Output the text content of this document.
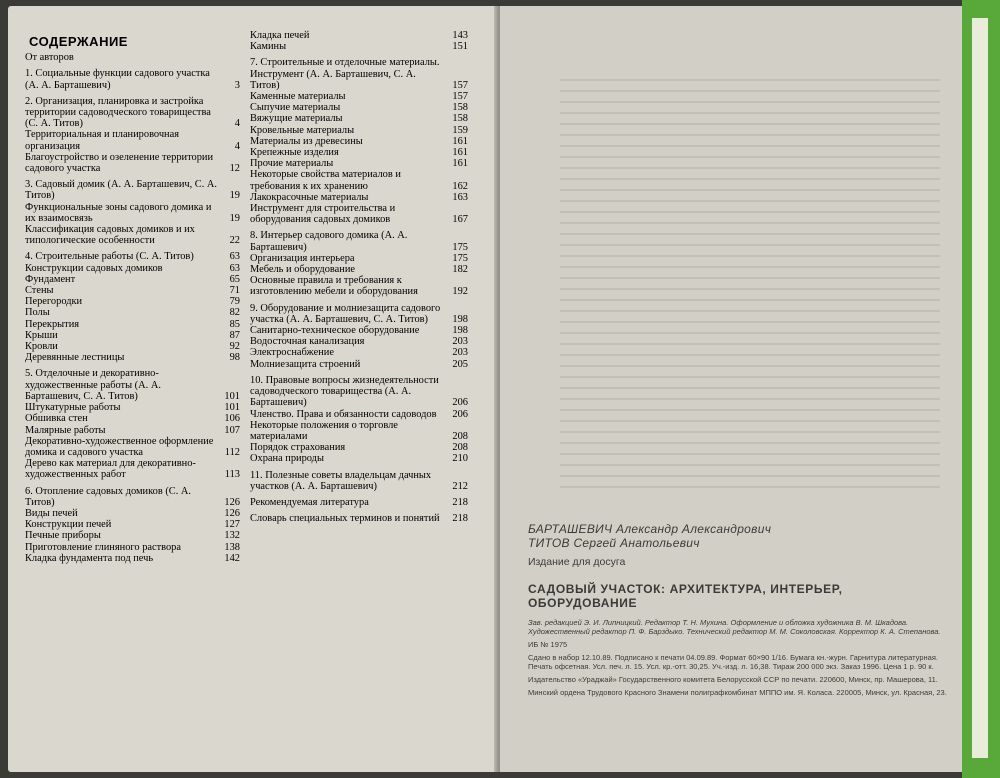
СОДЕРЖАНИЕ
От авторов
1. Социальные функции садового участка (А. А. Барташевич)	3
2. Организация, планировка и застройка территории садоводческого товарищества (С. А. Титов)	4
Территориальная и планировочная организация	4
Благоустройство и озеленение территории садового участка	12
3. Садовый домик (А. А. Барташевич, С. А. Титов)	19
Функциональные зоны садового домика и их взаимосвязь	19
Классификация садовых домиков и их типологические особенности	22
4. Строительные работы (С. А. Титов)	63
Конструкции садовых домиков	63
Фундамент	65
Стены	71
Перегородки	79
Полы	82
Перекрытия	85
Крыши	87
Кровли	92
Деревянные лестницы	98
5. Отделочные и декоративно-художественные работы (А. А. Барташевич, С. А. Титов)	101
Штукатурные работы	101
Обшивка стен	106
Малярные работы	107
Декоративно-художественное оформление домика и садового участка	112
Дерево как материал для декоративно-художественных работ	113
6. Отопление садовых домиков (С. А. Титов)	126
Виды печей	126
Конструкции печей	127
Печные приборы	132
Приготовление глиняного раствора	138
Кладка фундамента под печь	142
Кладка печей	143
Камины	151
7. Строительные и отделочные материалы. Инструмент (А. А. Барташевич, С. А. Титов)	157
Каменные материалы	157
Сыпучие материалы	158
Вяжущие материалы	158
Кровельные материалы	159
Материалы из древесины	161
Крепежные изделия	161
Прочие материалы	161
Некоторые свойства материалов и требования к их хранению	162
Лакокрасочные материалы	163
Инструмент для строительства и оборудования садовых домиков	167
8. Интерьер садового домика (А. А. Барташевич)	175
Организация интерьера	175
Мебель и оборудование	182
Основные правила и требования к изготовлению мебели и оборудования	192
9. Оборудование и молниезащита садового участка (А. А. Барташевич, С. А. Титов) 198
Санитарно-техническое оборудование	198
Водосточная канализация	203
Электроснабжение	203
Молниезащита строений	205
10. Правовые вопросы жизнедеятельности садоводческого товарищества (А. А. Барташевич)	206
Членство. Права и обязанности садоводов 206
Некоторые положения о торговле материалами	208
Порядок страхования	208
Охрана природы	210
11. Полезные советы владельцам дачных участков (А. А. Барташевич)	212
Рекомендуемая литература	218
Словарь специальных терминов и понятий 218
БАРТАШЕВИЧ Александр Александрович
ТИТОВ Сергей Анатольевич
Издание для досуга
САДОВЫЙ УЧАСТОК: АРХИТЕКТУРА, ИНТЕРЬЕР,
ОБОРУДОВАНИЕ
Зав. редакцией Э. И. Липницкий. Редактор Т. Н. Мухина. Оформление и обложка художника В. М. Шкадова. Художественный редактор П. Ф. Барздыко. Технический редактор М. М. Соколовская. Корректор К. А. Степанова.
ИБ № 1975
Сдано в набор 12.10.89. Подписано к печати 04.09.89. Формат 60×90 1/16. Бумага кн.-журн. Гарнитура литературная. Печать офсетная. Усл. печ. л. 15. Усл. кр.-отт. 30,25. Уч.-изд. л. 16,38. Тираж 200 000 экз. Заказ 1996. Цена 1 р. 90 к.
Издательство «Ураджай» Государственного комитета Белорусской ССР по печати. 220600, Минск, пр. Машерова, 11.
Минский ордена Трудового Красного Знамени полиграфкомбинат МППО им. Я. Коласа. 220005, Минск, ул. Красная, 23.
